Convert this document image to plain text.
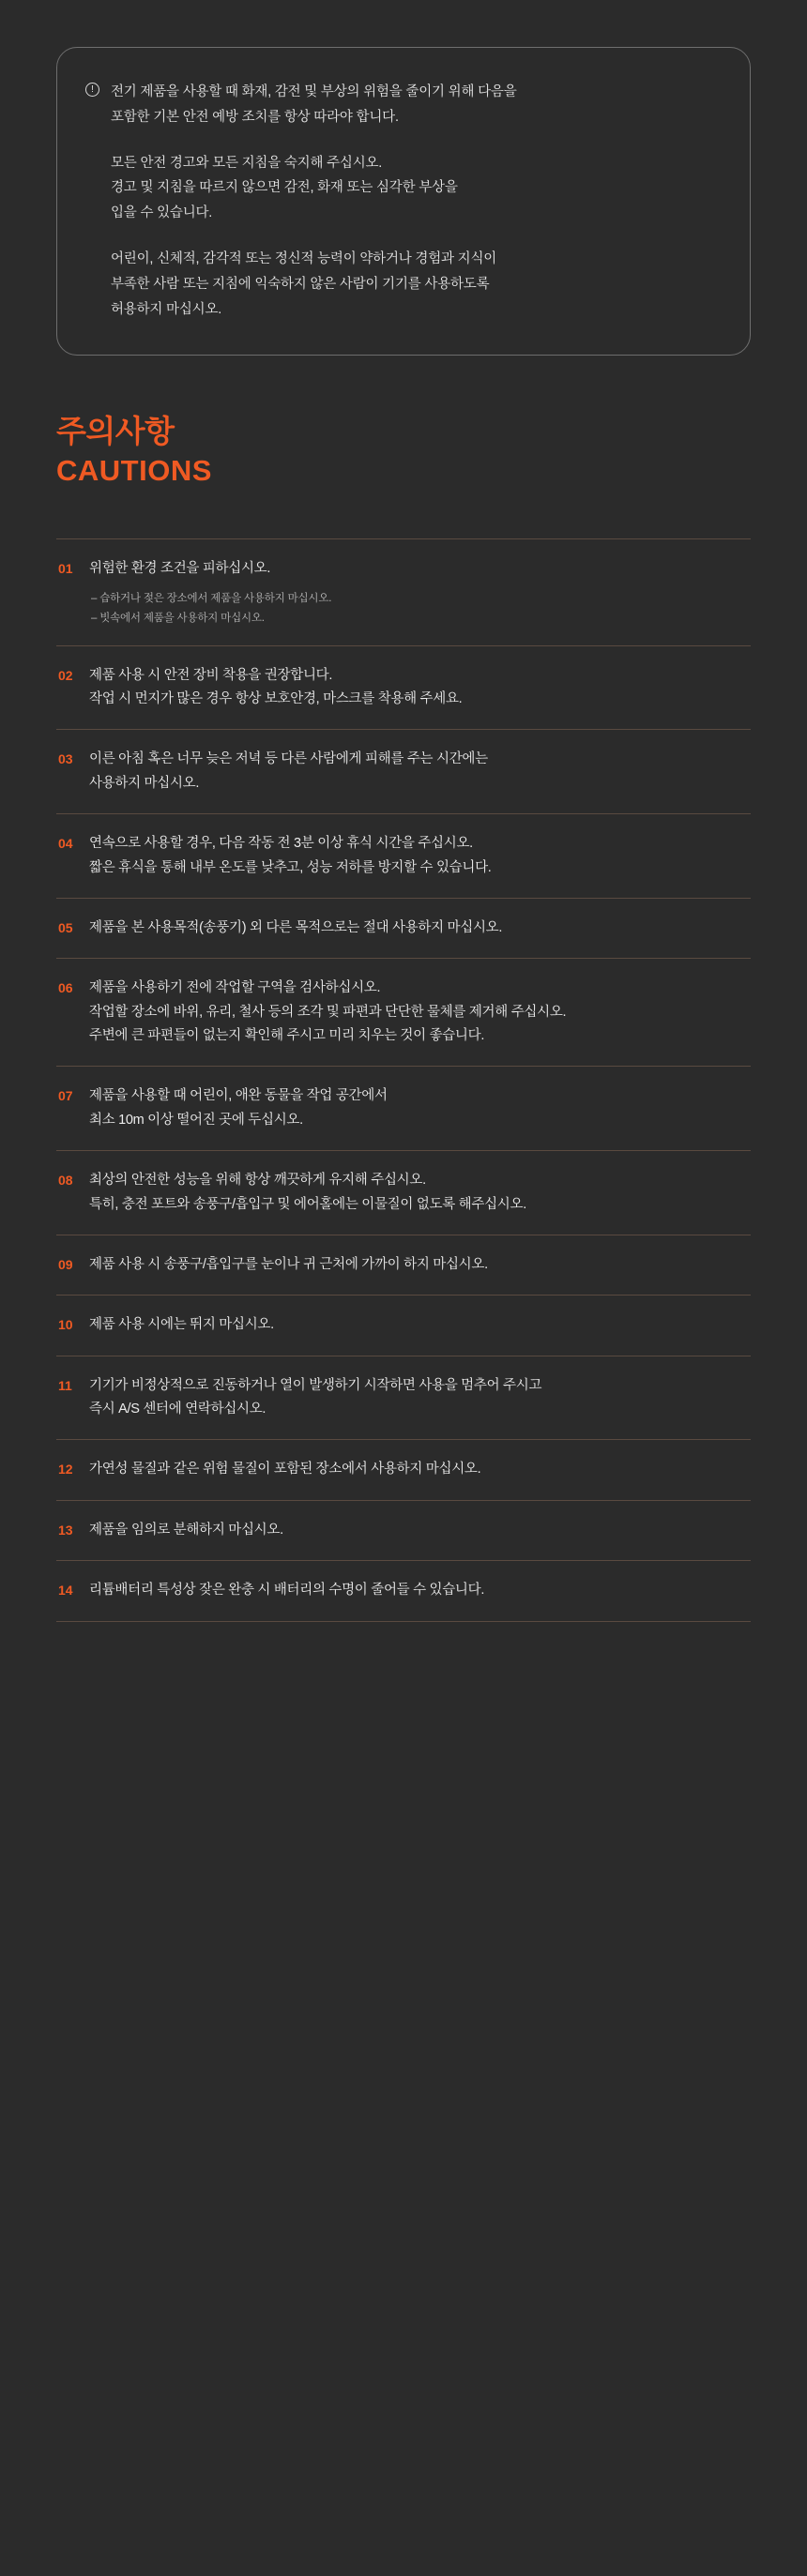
!	전기 제품을 사용할 때 화재, 감전 및 부상의 위험을 줄이기 위해 다음을
포함한 기본 안전 예방 조치를 항상 따라야 합니다.

모든 안전 경고와 모든 지침을 숙지해 주십시오.
경고 및 지침을 따르지 않으면 감전, 화재 또는 심각한 부상을
입을 수 있습니다.

어린이, 신체적, 감각적 또는 정신적 능력이 약하거나 경험과 지식이
부족한 사람 또는 지침에 익숙하지 않은 사람이 기기를 사용하도록
허용하지 마십시오.

주의사항
CAUTIONS
01	위험한 환경 조건을 피하십시오.
– 습하거나 젖은 장소에서 제품을 사용하지 마십시오.
– 빗속에서 제품을 사용하지 마십시오.
02	제품 사용 시 안전 장비 착용을 권장합니다.
작업 시 먼지가 많은 경우 항상 보호안경, 마스크를 착용해 주세요.
03	이른 아침 혹은 너무 늦은 저녁 등 다른 사람에게 피해를 주는 시간에는
사용하지 마십시오.
04	연속으로 사용할 경우, 다음 작동 전 3분 이상 휴식 시간을 주십시오.
짧은 휴식을 통해 내부 온도를 낮추고, 성능 저하를 방지할 수 있습니다.
05	제품을 본 사용목적(송풍기) 외 다른 목적으로는 절대 사용하지 마십시오.
06	제품을 사용하기 전에 작업할 구역을 검사하십시오.
작업할 장소에 바위, 유리, 철사 등의 조각 및 파편과 단단한 물체를 제거해 주십시오.
주변에 큰 파편들이 없는지 확인해 주시고 미리 치우는 것이 좋습니다.
07	제품을 사용할 때 어린이, 애완 동물을 작업 공간에서
최소 10m 이상 떨어진 곳에 두십시오.
08	최상의 안전한 성능을 위해 항상 깨끗하게 유지해 주십시오.
특히, 충전 포트와 송풍구/흡입구 및 에어홀에는 이물질이 없도록 해주십시오.
09	제품 사용 시 송풍구/흡입구를 눈이나 귀 근처에 가까이 하지 마십시오.
10	제품 사용 시에는 뛰지 마십시오.
11	기기가 비정상적으로 진동하거나 열이 발생하기 시작하면 사용을 멈추어 주시고
즉시 A/S 센터에 연락하십시오.
12	가연성 물질과 같은 위험 물질이 포함된 장소에서 사용하지 마십시오.
13	제품을 임의로 분해하지 마십시오.
14	리튬배터리 특성상 잦은 완충 시 배터리의 수명이 줄어들 수 있습니다.
